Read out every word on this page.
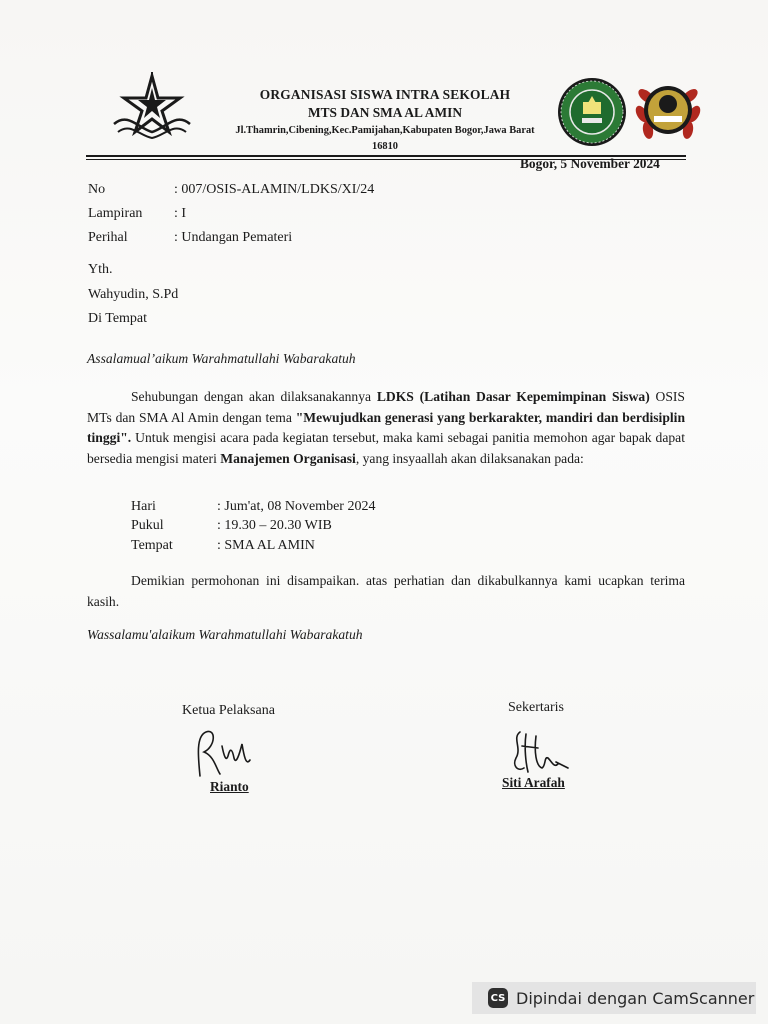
ORGANISASI SISWA INTRA SEKOLAH
MTS DAN SMA AL AMIN
Jl.Thamrin,Cibening,Kec.Pamijahan,Kabupaten Bogor,Jawa Barat
16810
Bogor, 5 November 2024
No	: 007/OSIS-ALAMIN/LDKS/XI/24
Lampiran	: I
Perihal	: Undangan Pemateri
Yth.
Wahyudin, S.Pd
Di Tempat
Assalamual’aikum Warahmatullahi Wabarakatuh
Sehubungan dengan akan dilaksanakannya LDKS (Latihan Dasar Kepemimpinan Siswa) OSIS MTs dan SMA Al Amin dengan tema "Mewujudkan generasi yang berkarakter, mandiri dan berdisiplin tinggi". Untuk mengisi acara pada kegiatan tersebut, maka kami sebagai panitia memohon agar bapak dapat bersedia mengisi materi Manajemen Organisasi, yang insyaallah akan dilaksanakan pada:
Hari	: Jum'at, 08 November 2024
Pukul	: 19.30 – 20.30 WIB
Tempat	: SMA AL AMIN
Demikian permohonan ini disampaikan. atas perhatian dan dikabulkannya kami ucapkan terima kasih.
Wassalamu'alaikum Warahmatullahi Wabarakatuh
Ketua Pelaksana	Sekertaris
Rianto	Siti Arafah
CS Dipindai dengan CamScanner
